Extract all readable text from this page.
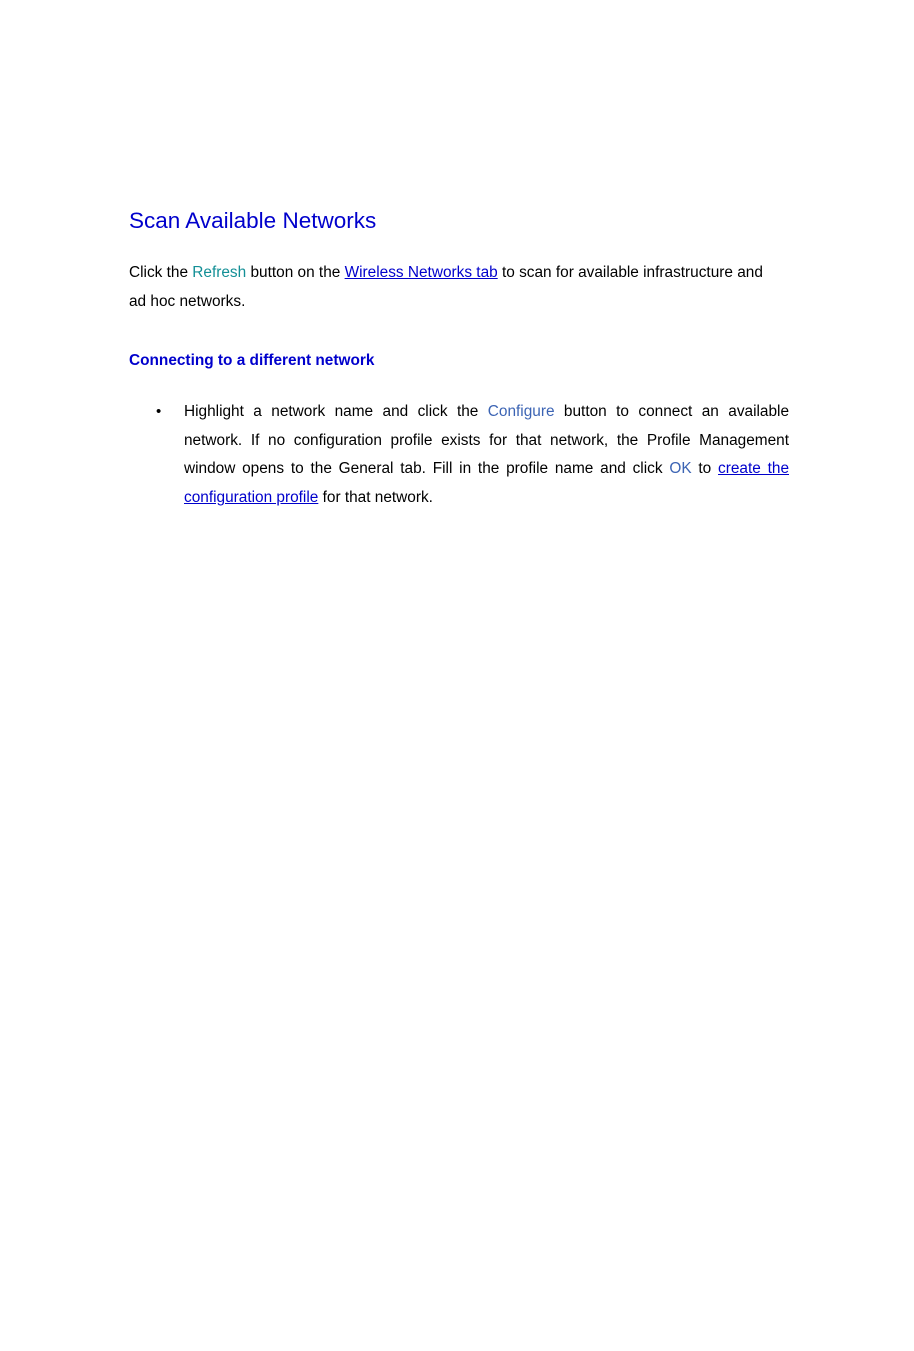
Scan Available Networks

Click the Refresh button on the Wireless Networks tab to scan for available infrastructure and ad hoc networks.

Connecting to a different network
• Highlight a network name and click the Configure button to connect an available network. If no configuration profile exists for that network, the Profile Management window opens to the General tab. Fill in the profile name and click OK to create the configuration profile for that network.
